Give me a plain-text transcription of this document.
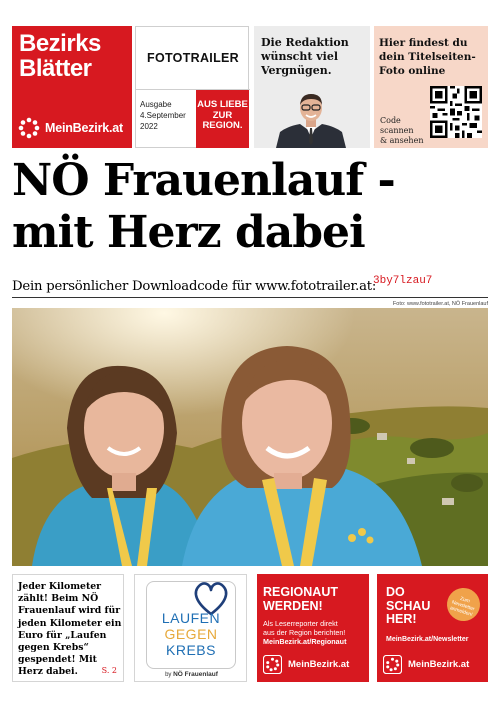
Bezirks
Blätter
MeinBezirk.at
FOTOTRAILER
Ausgabe
4.September
2022
AUS LIEBE
ZUR
REGION.
Die Redaktion wünscht viel Vergnügen.
Hier findest du dein Titelseiten-Foto online
Code
scannen
& ansehen
NÖ Frauenlauf -
mit Herz dabei
Dein persönlicher Downloadcode für www.fototrailer.at:
3by7lzau7
Foto: www.fototrailer.at, NÖ Frauenlauf
Jeder Kilometer zählt! Beim NÖ Frauenlauf wird für jeden Kilometer ein Euro für „Laufen gegen Krebs“ gespendet! Mit Herz dabei.	S. 2
LAUFEN
GEGEN
KREBS
by NÖ Frauenlauf
REGIONAUT
WERDEN!
Als Leserreporter direkt
aus der Region berichten!
MeinBezirk.at/Regionaut
MeinBezirk.at
DO
SCHAU
HER!
Zum Newsletter anmelden!
MeinBezirk.at/Newsletter
MeinBezirk.at
